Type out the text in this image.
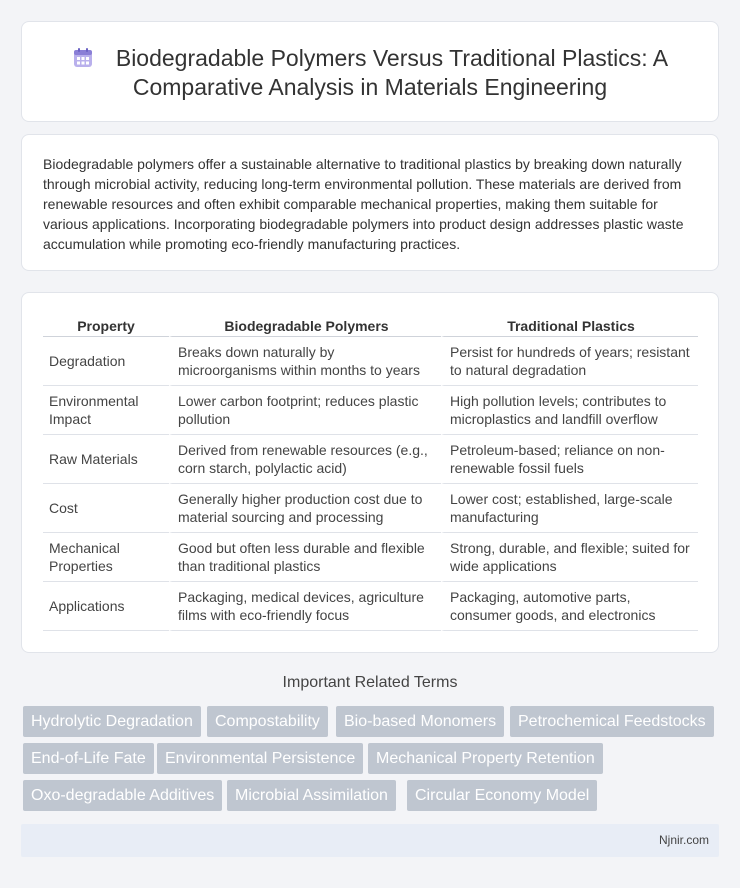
Biodegradable Polymers Versus Traditional Plastics: A Comparative Analysis in Materials Engineering

Biodegradable polymers offer a sustainable alternative to traditional plastics by breaking down naturally through microbial activity, reducing long-term environmental pollution. These materials are derived from renewable resources and often exhibit comparable mechanical properties, making them suitable for various applications. Incorporating biodegradable polymers into product design addresses plastic waste accumulation while promoting eco-friendly manufacturing practices.

Property	Biodegradable Polymers	Traditional Plastics
Degradation	Breaks down naturally by microorganisms within months to years	Persist for hundreds of years; resistant to natural degradation
Environmental Impact	Lower carbon footprint; reduces plastic pollution	High pollution levels; contributes to microplastics and landfill overflow
Raw Materials	Derived from renewable resources (e.g., corn starch, polylactic acid)	Petroleum-based; reliance on non-renewable fossil fuels
Cost	Generally higher production cost due to material sourcing and processing	Lower cost; established, large-scale manufacturing
Mechanical Properties	Good but often less durable and flexible than traditional plastics	Strong, durable, and flexible; suited for wide applications
Applications	Packaging, medical devices, agriculture films with eco-friendly focus	Packaging, automotive parts, consumer goods, and electronics
Important Related Terms
Hydrolytic Degradation	Compostability	Bio-based Monomers	Petrochemical Feedstocks
End-of-Life Fate	Environmental Persistence	Mechanical Property Retention
Oxo-degradable Additives	Microbial Assimilation	Circular Economy Model
Njnir.com
